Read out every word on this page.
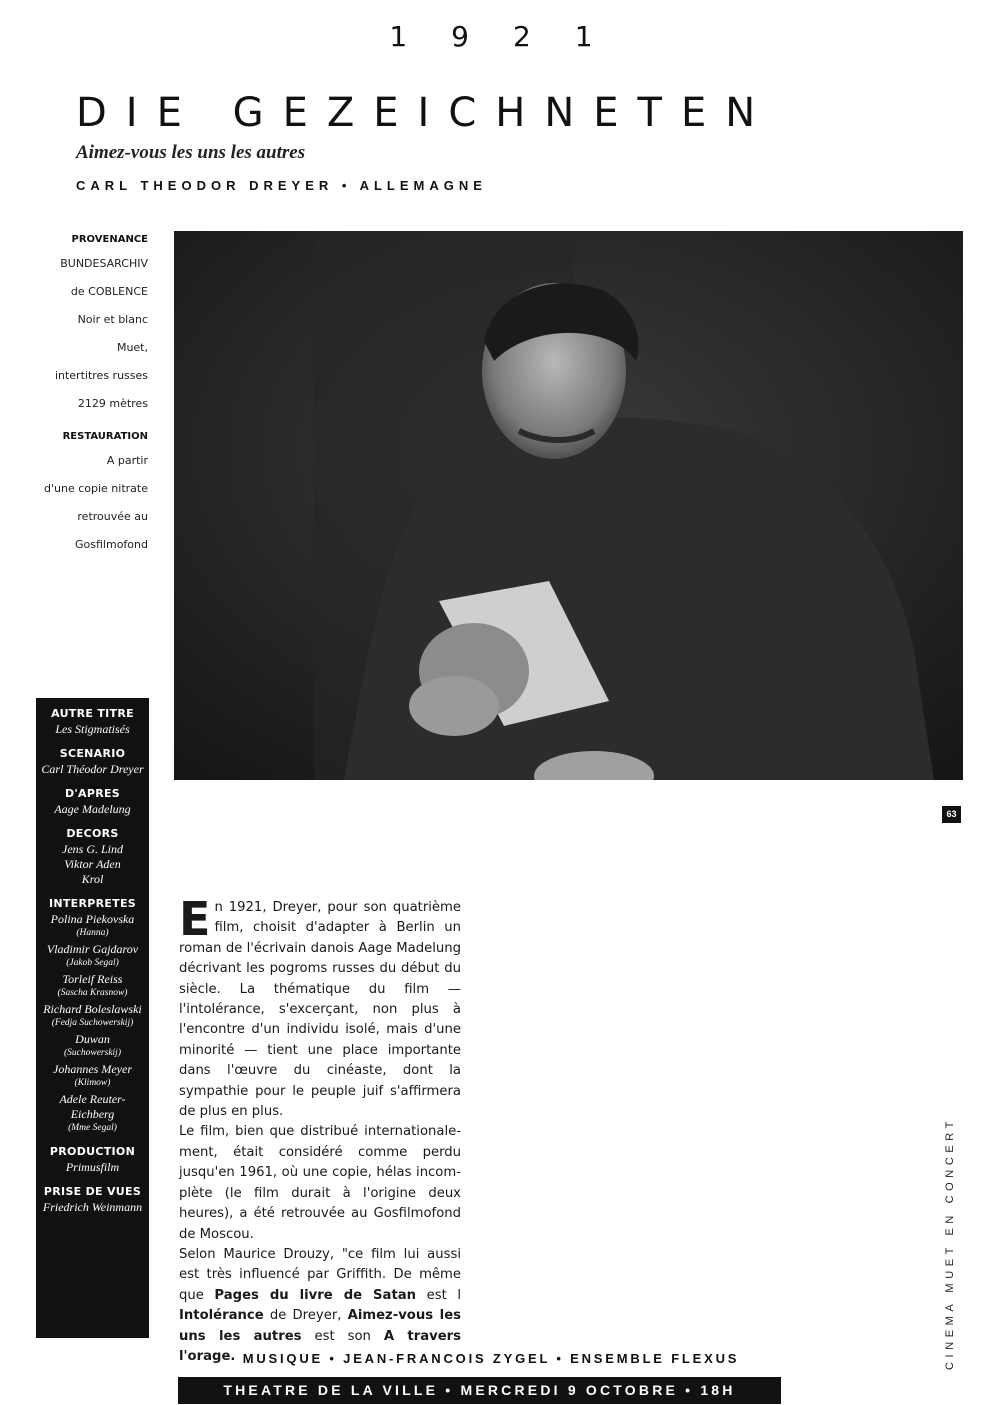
1921
DIE GEZEICHNETEN
Aimez-vous les uns les autres
CARL THEODOR DREYER • ALLEMAGNE
PROVENANCE
BUNDESARCHIV
de COBLENCE
Noir et blanc
Muet,
intertitres russes
2129 mètres
RESTAURATION
A partir
d'une copie nitrate
retrouvée au
Gosfilmofond
63
AUTRE TITRE
Les Stigmatisés
SCENARIO
Carl Théodor Dreyer
D'APRES
Aage Madelung
DECORS
Jens G. Lind
Viktor Aden
Krol
INTERPRETES
Polina Piekovska
(Hanna)
Vladimir Gajdarov
(Jakob Segal)
Torleif Reiss
(Sascha Krasnow)
Richard Boleslawski
(Fedja Suchowerskij)
Duwan
(Suchowerskij)
Johannes Meyer
(Klimow)
Adele Reuter-
Eichberg
(Mme Segal)
PRODUCTION
Primusfilm
PRISE DE VUES
Friedrich Weinmann

En 1921, Dreyer, pour son quatrième film, choisit d'adapter à Berlin un roman de l'écrivain danois Aage Madelung décrivant les pogroms russes du début du siècle. La thématique du film — l'intolérance, s'excerçant, non plus à l'encontre d'un individu isolé, mais d'une minorité — tient une place importante dans l'œuvre du cinéaste, dont la sympathie pour le peuple juif s'affirmera de plus en plus.

Le film, bien que distribué internationalement, était considéré comme perdu jusqu'en 1961, où une copie, hélas incomplète (le film durait à l'origine deux heures), a été retrouvée au Gosfilmofond de Moscou.

Selon Maurice Drouzy, "ce film lui aussi est très influencé par Griffith. De même que Pages du livre de Satan est l Intolérance de Dreyer, Aimez-vous les uns les autres est son A travers l'orage.	CINEMA MUET EN CONCERT
MUSIQUE • JEAN-FRANCOIS ZYGEL • ENSEMBLE FLEXUS
THEATRE DE LA VILLE • MERCREDI 9 OCTOBRE • 18H
